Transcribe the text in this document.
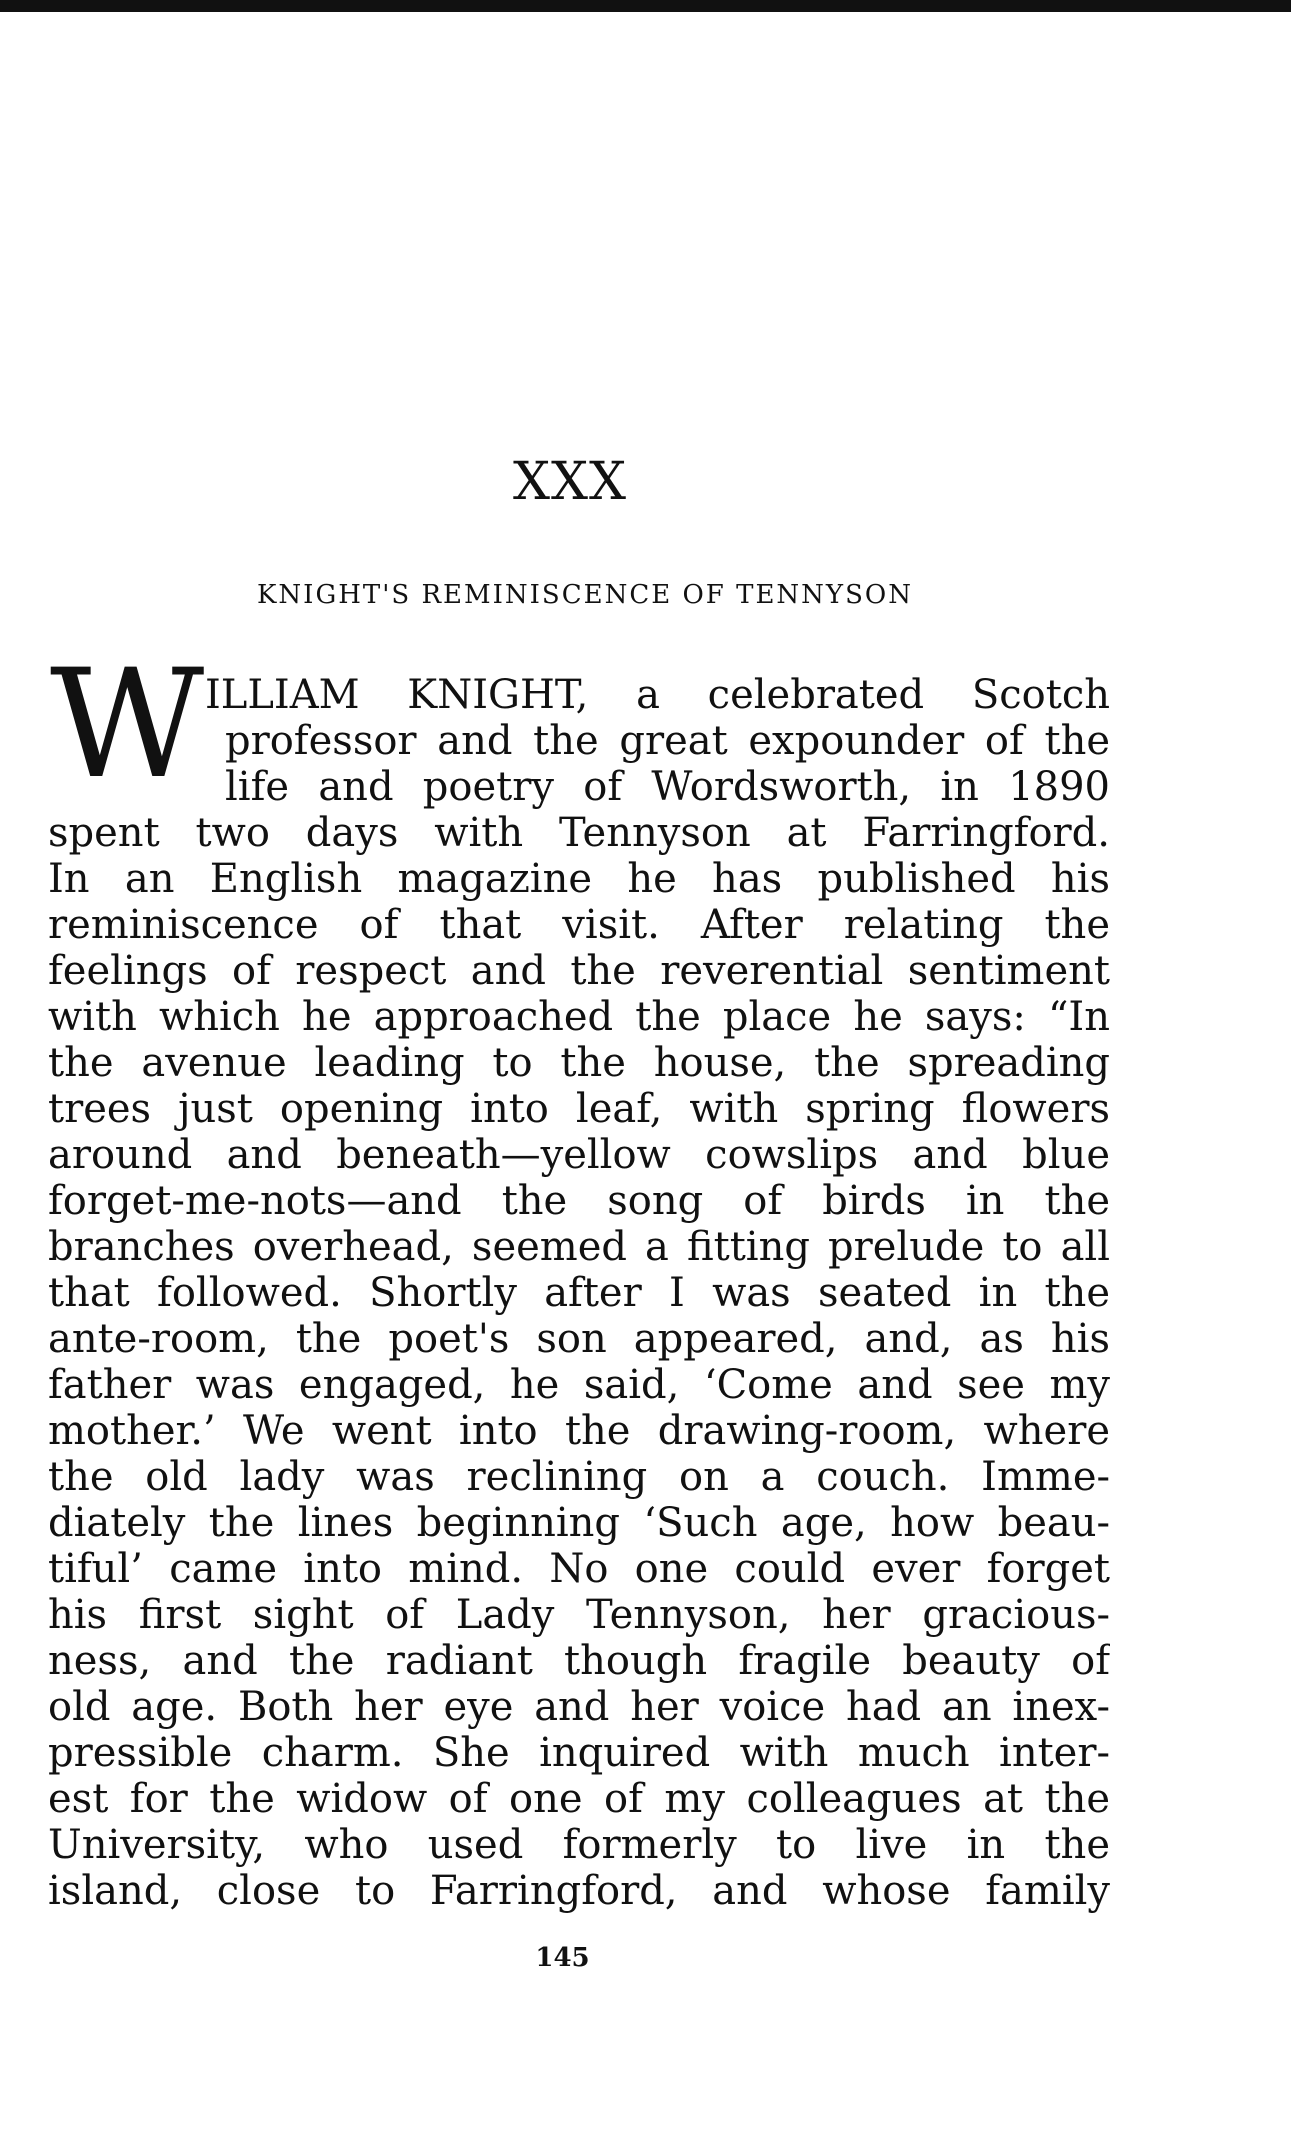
XXX
KNIGHT'S REMINISCENCE OF TENNYSON
W ILLIAM KNIGHT, a celebrated Scotch
professor and the great expounder of the
life and poetry of Wordsworth, in 1890
spent two days with Tennyson at Farringford.
In an English magazine he has published his
reminiscence of that visit. After relating the
feelings of respect and the reverential sentiment
with which he approached the place he says: “In
the avenue leading to the house, the spreading
trees just opening into leaf, with spring flowers
around and beneath—yellow cowslips and blue
forget-me-nots—and the song of birds in the
branches overhead, seemed a fitting prelude to all
that followed. Shortly after I was seated in the
ante-room, the poet's son appeared, and, as his
father was engaged, he said, ‘Come and see my
mother.’ We went into the drawing-room, where
the old lady was reclining on a couch. Imme-
diately the lines beginning ‘Such age, how beau-
tiful’ came into mind. No one could ever forget
his first sight of Lady Tennyson, her gracious-
ness, and the radiant though fragile beauty of
old age. Both her eye and her voice had an inex-
pressible charm. She inquired with much inter-
est for the widow of one of my colleagues at the
University, who used formerly to live in the
island, close to Farringford, and whose family
145
